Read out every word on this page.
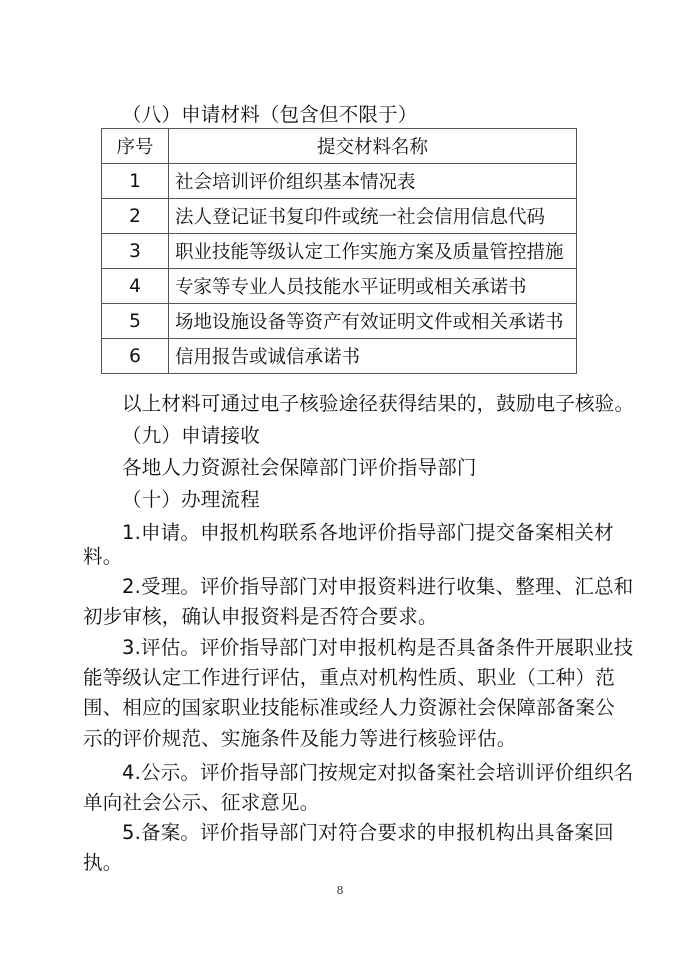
（八）申请材料（包含但不限于）
序号	提交材料名称
1	社会培训评价组织基本情况表
2	法人登记证书复印件或统一社会信用信息代码
3	职业技能等级认定工作实施方案及质量管控措施
4	专家等专业人员技能水平证明或相关承诺书
5	场地设施设备等资产有效证明文件或相关承诺书
6	信用报告或诚信承诺书
以上材料可通过电子核验途径获得结果的，鼓励电子核验。
（九）申请接收
各地人力资源社会保障部门评价指导部门
（十）办理流程
1.申请。申报机构联系各地评价指导部门提交备案相关材
料。
2.受理。评价指导部门对申报资料进行收集、整理、汇总和
初步审核，确认申报资料是否符合要求。
3.评估。评价指导部门对申报机构是否具备条件开展职业技
能等级认定工作进行评估，重点对机构性质、职业（工种）范
围、相应的国家职业技能标准或经人力资源社会保障部备案公
示的评价规范、实施条件及能力等进行核验评估。
4.公示。评价指导部门按规定对拟备案社会培训评价组织名
单向社会公示、征求意见。
5.备案。评价指导部门对符合要求的申报机构出具备案回
执。
8
